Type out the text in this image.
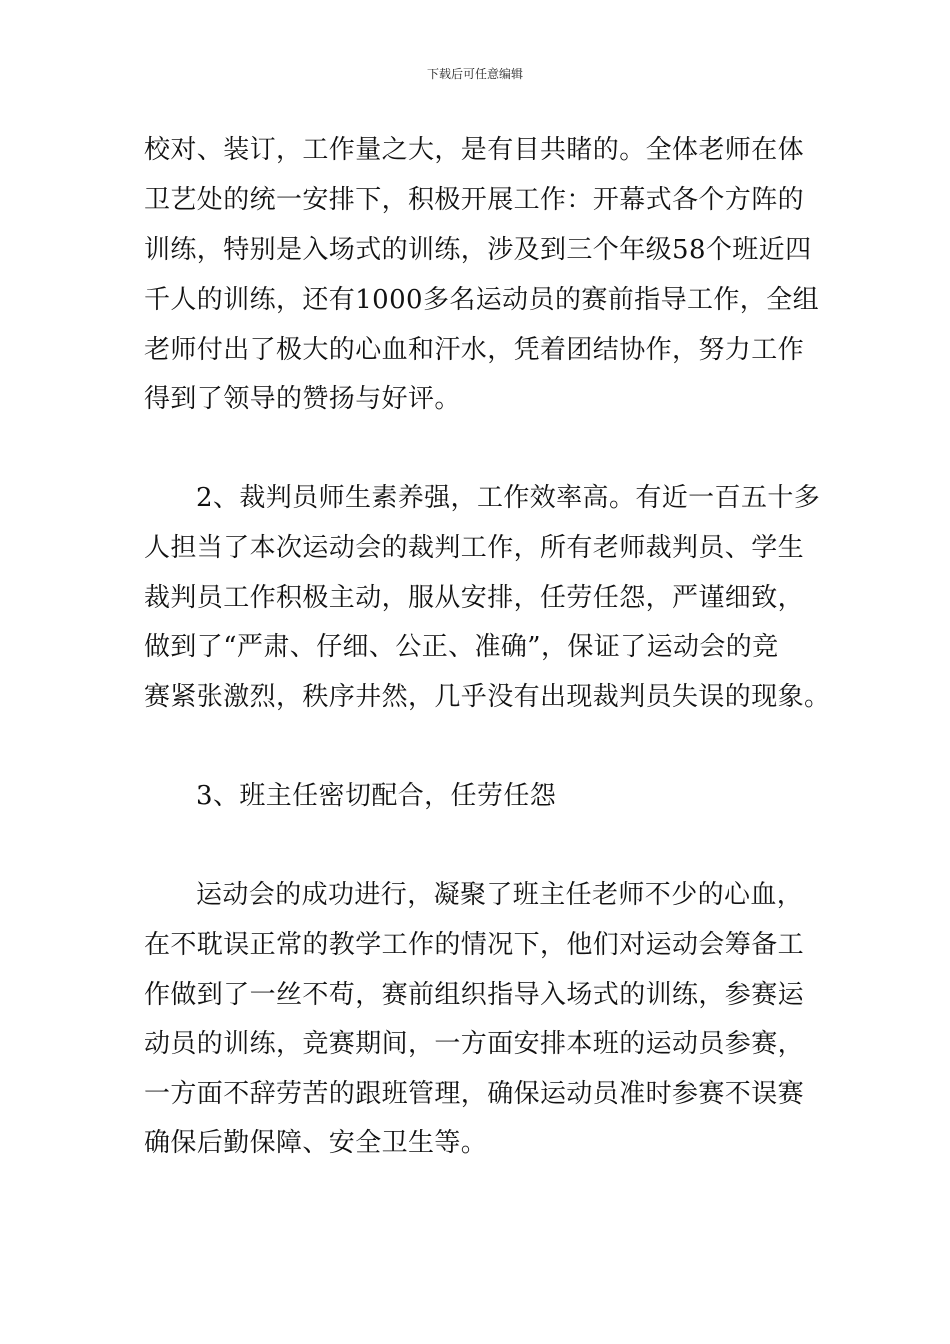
下载后可任意编辑
校对、装订，工作量之大，是有目共睹的。全体老师在体
卫艺处的统一安排下，积极开展工作：开幕式各个方阵的
训练，特别是入场式的训练，涉及到三个年级58个班近四
千人的训练，还有1000多名运动员的赛前指导工作，全组
老师付出了极大的心血和汗水，凭着团结协作，努力工作
得到了领导的赞扬与好评。
2、裁判员师生素养强，工作效率高。有近一百五十多
人担当了本次运动会的裁判工作，所有老师裁判员、学生
裁判员工作积极主动，服从安排，任劳任怨，严谨细致，
做到了“严肃、仔细、公正、准确”，保证了运动会的竞
赛紧张激烈，秩序井然，几乎没有出现裁判员失误的现象。
3、班主任密切配合，任劳任怨
运动会的成功进行，凝聚了班主任老师不少的心血，
在不耽误正常的教学工作的情况下，他们对运动会筹备工
作做到了一丝不苟，赛前组织指导入场式的训练，参赛运
动员的训练，竞赛期间，一方面安排本班的运动员参赛，
一方面不辞劳苦的跟班管理，确保运动员准时参赛不误赛
确保后勤保障、安全卫生等。
